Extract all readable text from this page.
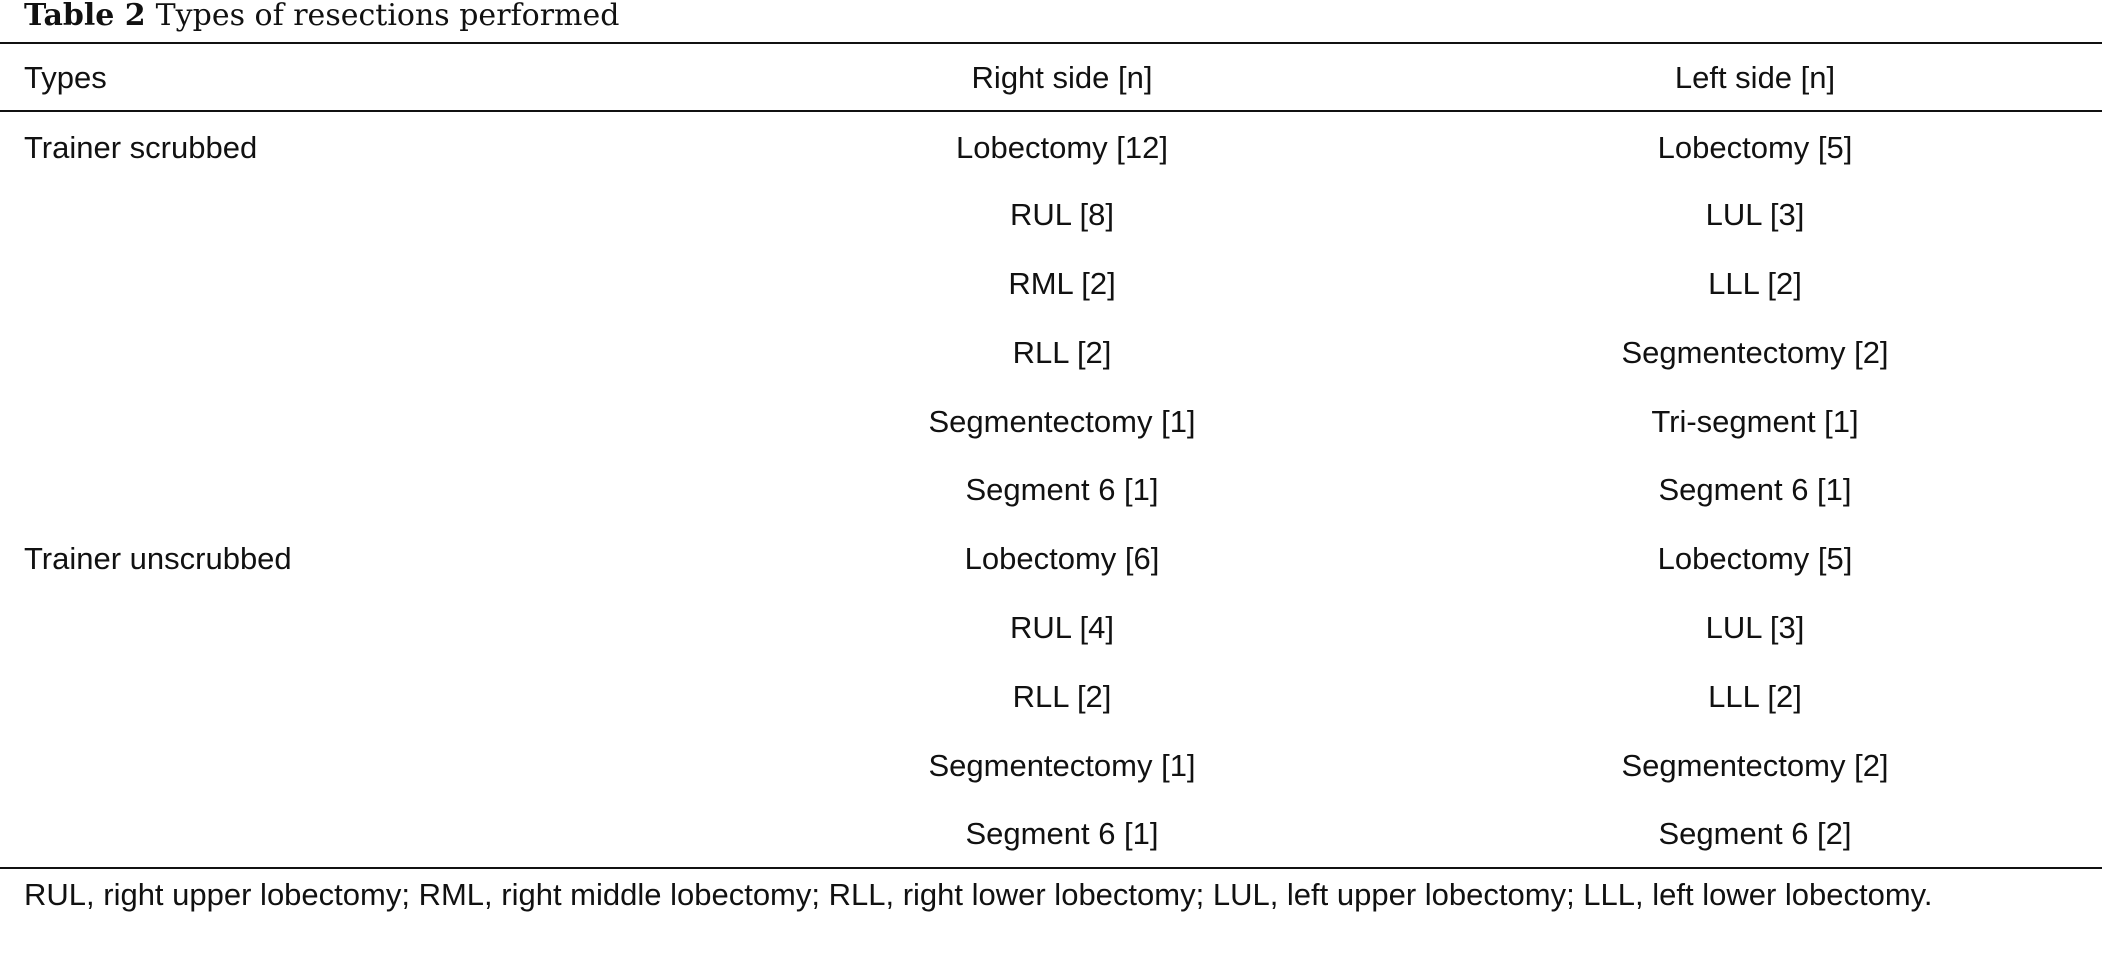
Table 2 Types of resections performed
Types	Right side [n]	Left side [n]
Trainer scrubbed	Lobectomy [12]	Lobectomy [5]
	RUL [8]	LUL [3]
	RML [2]	LLL [2]
	RLL [2]	Segmentectomy [2]
	Segmentectomy [1]	Tri-segment [1]
	Segment 6 [1]	Segment 6 [1]
Trainer unscrubbed	Lobectomy [6]	Lobectomy [5]
	RUL [4]	LUL [3]
	RLL [2]	LLL [2]
	Segmentectomy [1]	Segmentectomy [2]
	Segment 6 [1]	Segment 6 [2]
RUL, right upper lobectomy; RML, right middle lobectomy; RLL, right lower lobectomy; LUL, left upper lobectomy; LLL, left lower lobectomy.
